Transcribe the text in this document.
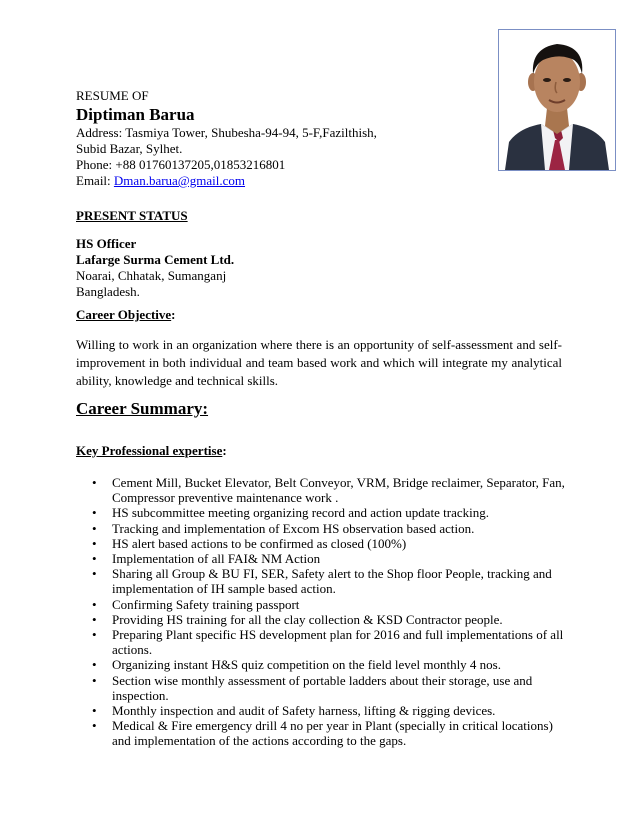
RESUME OF
Diptiman Barua
Address: Tasmiya Tower, Shubesha-94-94, 5-F,Fazilthish,
Subid Bazar, Sylhet.
Phone: +88 01760137205,01853216801
Email: Dman.barua@gmail.com
PRESENT STATUS
HS Officer
Lafarge Surma Cement Ltd.
Noarai, Chhatak, Sumanganj
Bangladesh.
Career Objective:
Willing to work in an organization where there is an opportunity of self-assessment and self-improvement in both individual and team based work and which will integrate my analytical ability, knowledge and technical skills.
Career Summary:
Key Professional expertise:
• Cement Mill, Bucket Elevator, Belt Conveyor, VRM, Bridge reclaimer, Separator, Fan, Compressor preventive maintenance work .
• HS subcommittee meeting organizing record and action update tracking.
• Tracking and implementation of Excom HS observation based action.
• HS alert based actions to be confirmed as closed (100%)
• Implementation of all FAI& NM Action
• Sharing all Group & BU FI, SER, Safety alert to the Shop floor People, tracking and implementation of IH sample based action.
• Confirming Safety training passport
• Providing HS training for all the clay collection & KSD Contractor people.
• Preparing Plant specific HS development plan for 2016 and full implementations of all actions.
• Organizing instant H&S quiz competition on the field level monthly 4 nos.
• Section wise monthly assessment of portable ladders about their storage, use and inspection.
• Monthly inspection and audit of Safety harness, lifting & rigging devices.
• Medical & Fire emergency drill 4 no per year in Plant (specially in critical locations) and implementation of the actions according to the gaps.
